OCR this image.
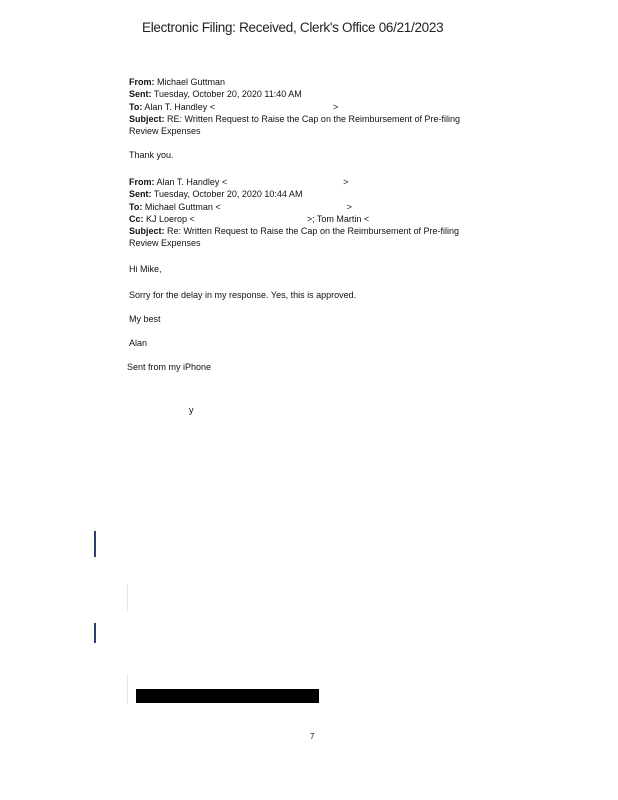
Electronic Filing: Received, Clerk's Office 06/21/2023
From: Michael Guttman
Sent: Tuesday, October 20, 2020 11:40 AM
To: Alan T. Handley <	>
Subject: RE: Written Request to Raise the Cap on the Reimbursement of Pre-filing
Review Expenses
Thank you.
From: Alan T. Handley <	>
Sent: Tuesday, October 20, 2020 10:44 AM
To: Michael Guttman <	>
Cc: KJ Loerop <	>; Tom Martin <
Subject: Re: Written Request to Raise the Cap on the Reimbursement of Pre-filing
Review Expenses
Hi Mike,
Sorry for the delay in my response. Yes, this is approved.
My best
Alan
Sent from my iPhone
y
7
